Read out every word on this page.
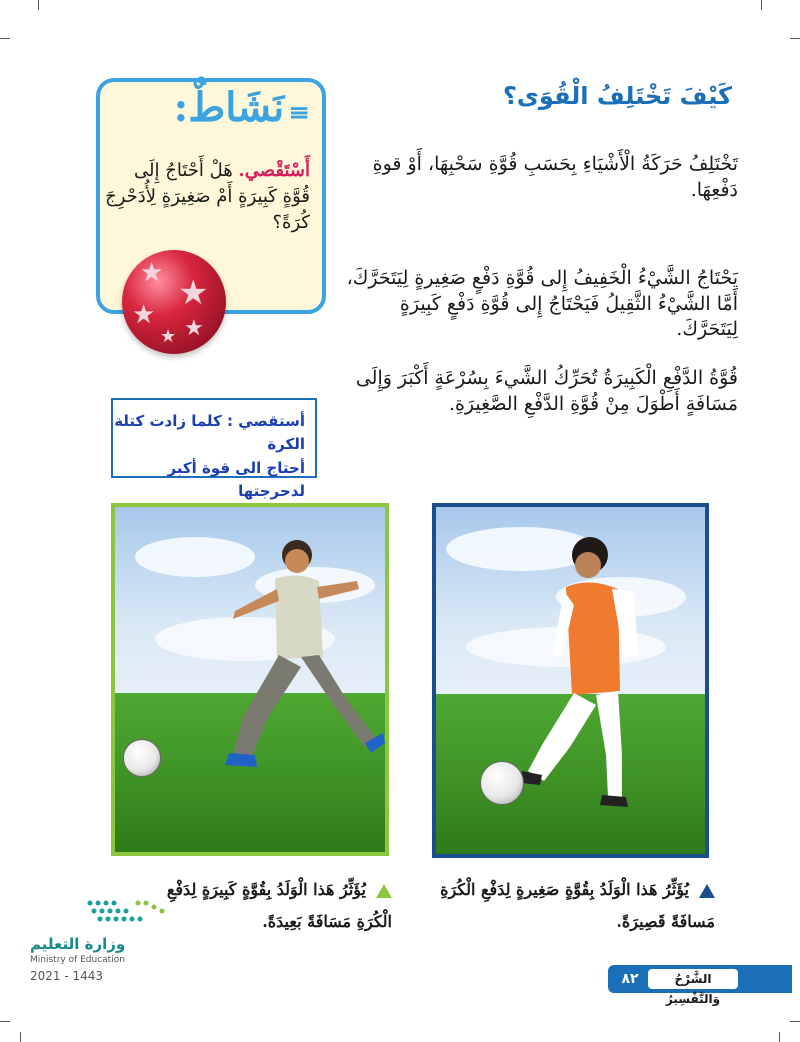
كَيْفَ تَخْتَلِفُ الْقُوَى؟
تَخْتَلِفُ حَرَكَةُ الْأَشْيَاءِ بِحَسَبِ قُوَّةِ سَحْبِهَا، أَوْ قوةِ دَفْعِهَا.
يَحْتَاجُ الشَّيْءُ الْخَفِيفُ إِلى قُوَّةِ دَفْعٍ صَغِيرةٍ لِيَتَحَرَّكَ، أَمَّا الشَّيْءُ الثَّقِيلُ فَيَحْتَاجُ إِلى قُوَّةِ دَفْعٍ كَبِيرَةٍ لِيَتَحَرَّكَ.
قُوَّةُ الدَّفْعِ الْكَبِيرَةُ تُحَرِّكُ الشَّيءَ بِسُرْعَةٍ أَكْبَرَ وَإِلَى مَسَافَةٍ أَطْوَلَ مِنْ قُوَّةِ الدَّفْعِ الصَّغِيرَةِ.
≡نَشَاطٌ:
أَسْتَقْصي. هَلْ أَحْتَاجُ إِلَى قُوَّةٍ كَبِيرَةٍ أَمْ صَغِيرَةٍ لِأُدَحْرِجَ كُرَةً؟
★ ★
★ ★
★
أستقصي : كلما زادت كتلة الكرة
أحتاج الى قوة أكبر لدحرجتها
يُؤَثِّرُ هَذا الْوَلَدُ بِقُوَّةٍ صَغِيرةٍ لِدَفْعِ الْكُرَةِ مَسافَةً قَصِيرَةً.
يُؤَثِّرُ هَذا الْوَلَدُ بِقُوَّةٍ كَبِيرَةٍ لِدَفْعِ الْكُرَةِ مَسَافَةً بَعِيدَةً.
وزارة التعليم
Ministry of Education
2021 - 1443	الشَّرْحُ وَالتَّفْسِيرُ
٨٢
